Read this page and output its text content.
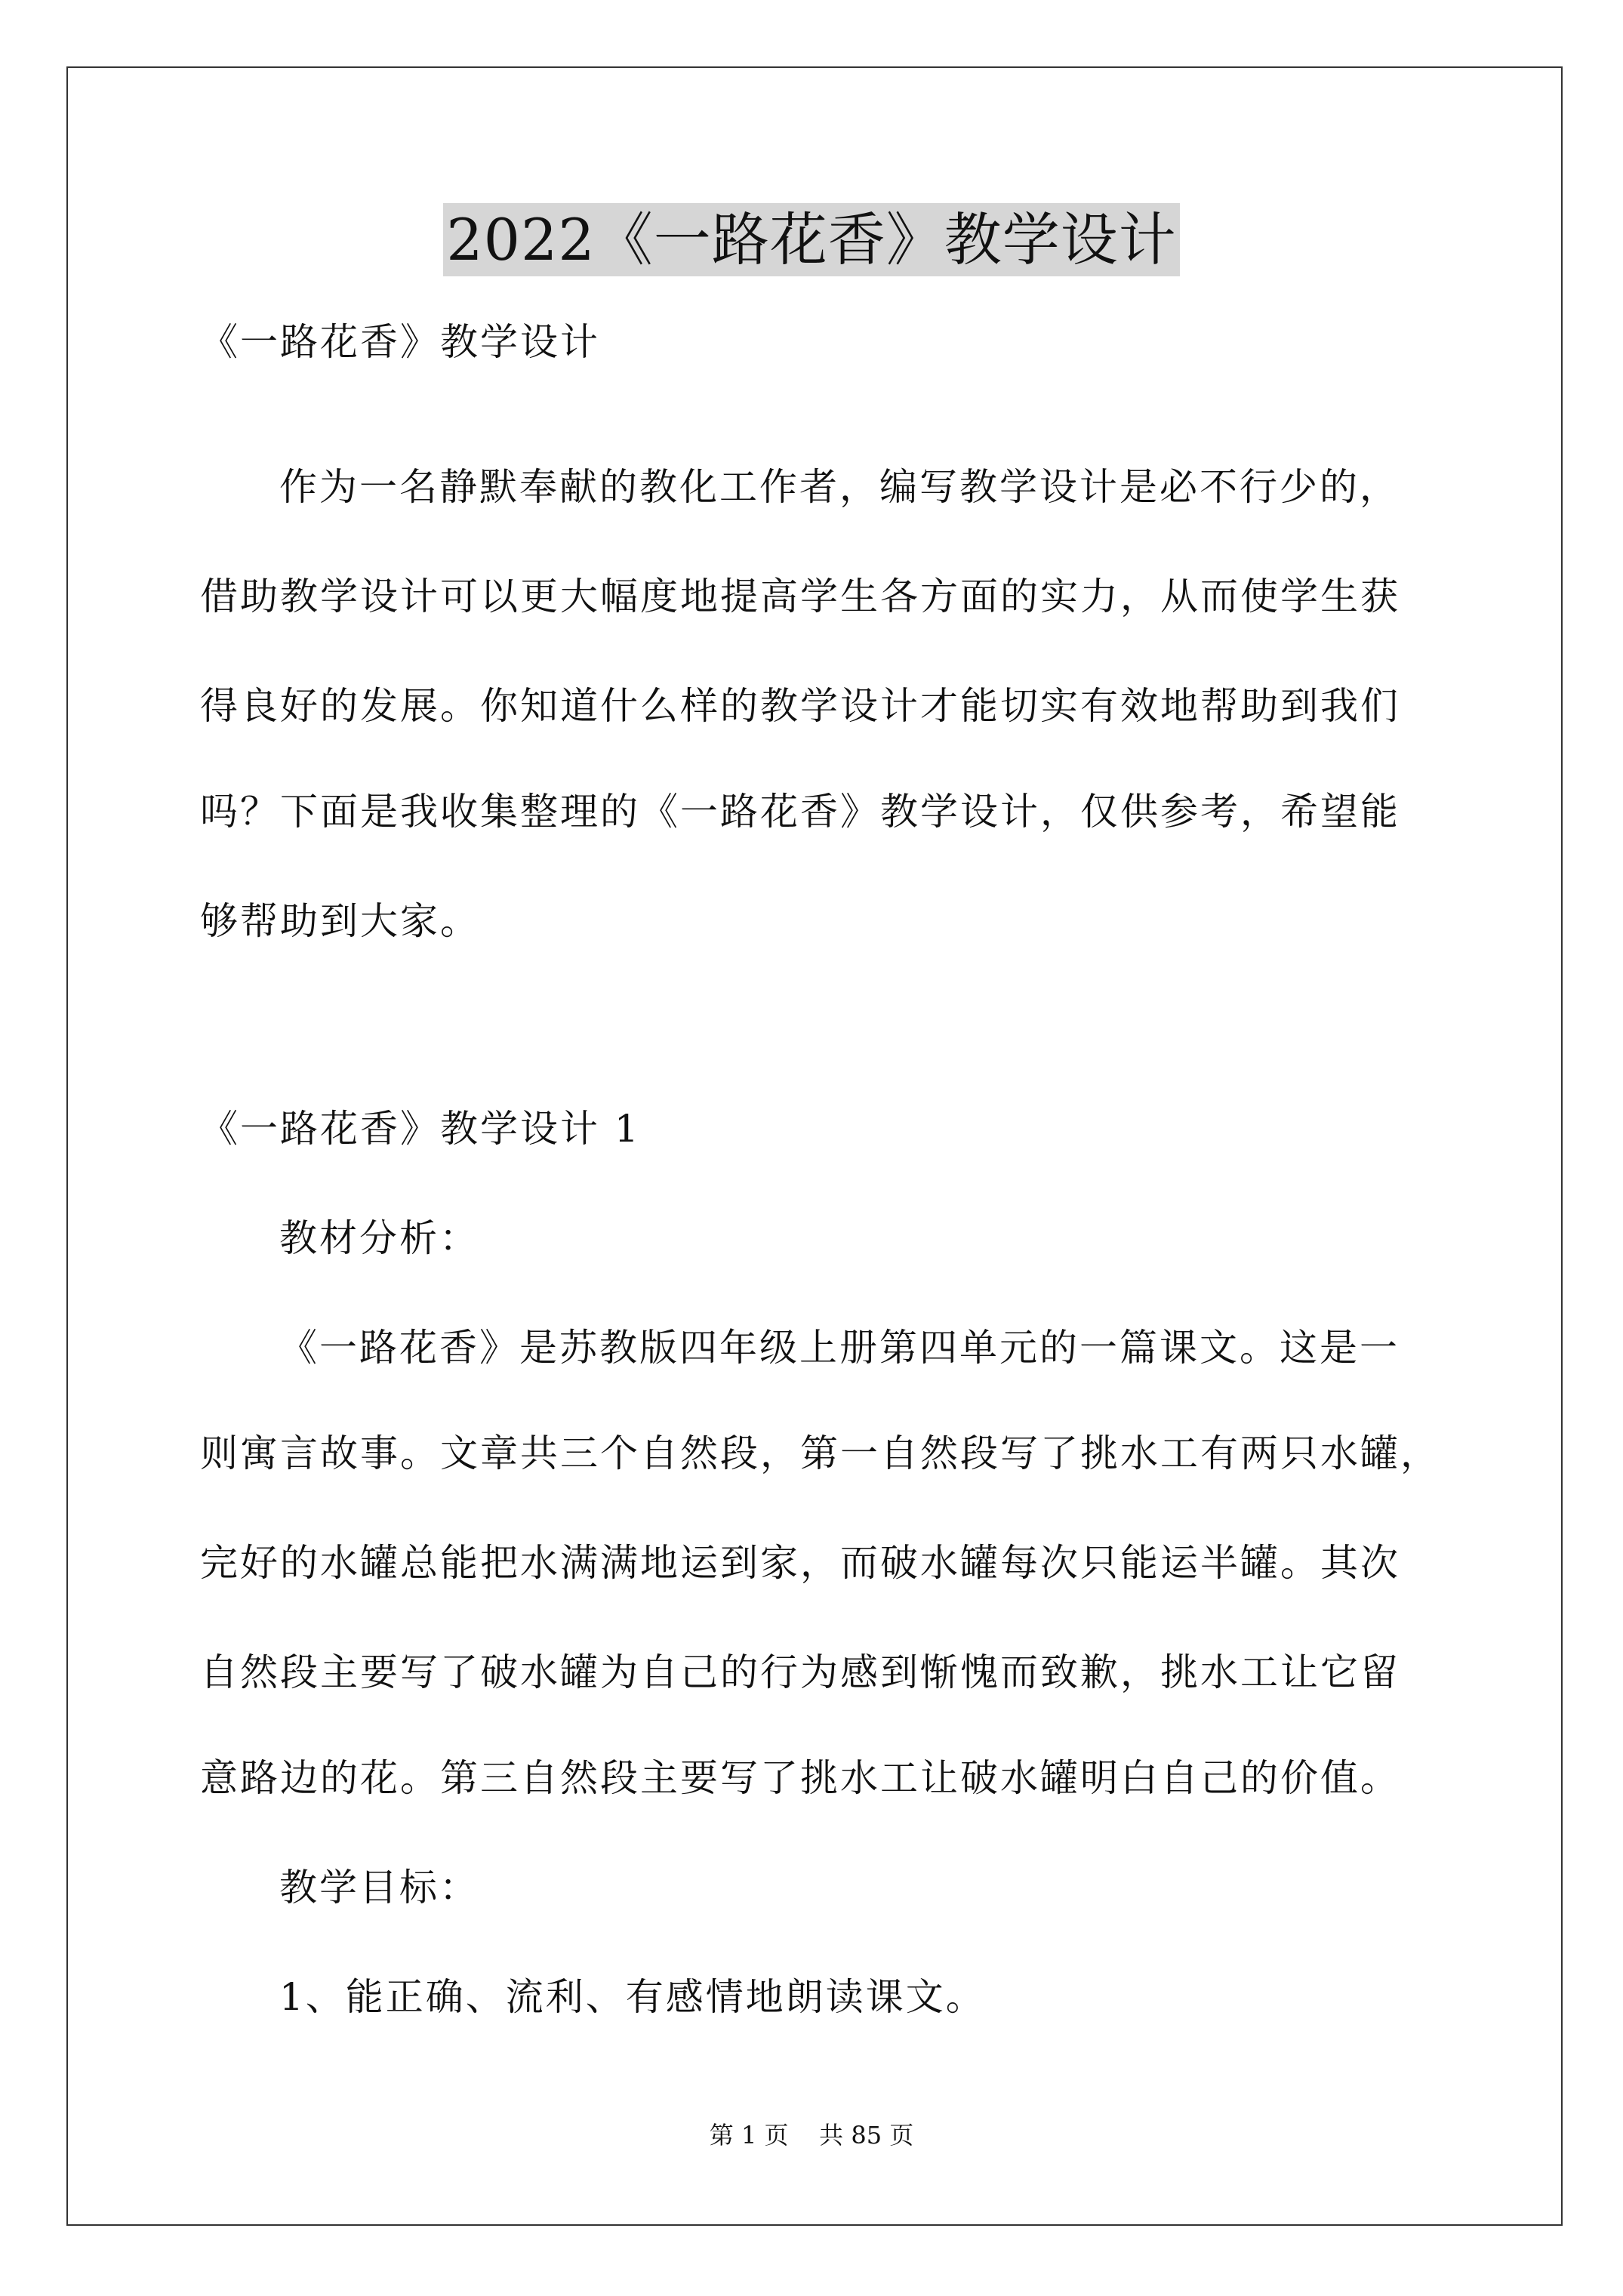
2022《一路花香》教学设计
《一路花香》教学设计
作为一名静默奉献的教化工作者，编写教学设计是必不行少的，
借助教学设计可以更大幅度地提高学生各方面的实力，从而使学生获
得良好的发展。你知道什么样的教学设计才能切实有效地帮助到我们
吗？下面是我收集整理的《一路花香》教学设计，仅供参考，希望能
够帮助到大家。
《一路花香》教学设计 1
教材分析：
《一路花香》是苏教版四年级上册第四单元的一篇课文。这是一
则寓言故事。文章共三个自然段，第一自然段写了挑水工有两只水罐，
完好的水罐总能把水满满地运到家，而破水罐每次只能运半罐。其次
自然段主要写了破水罐为自己的行为感到惭愧而致歉，挑水工让它留
意路边的花。第三自然段主要写了挑水工让破水罐明白自己的价值。
教学目标：
1、能正确、流利、有感情地朗读课文。
第 1 页    共 85 页
